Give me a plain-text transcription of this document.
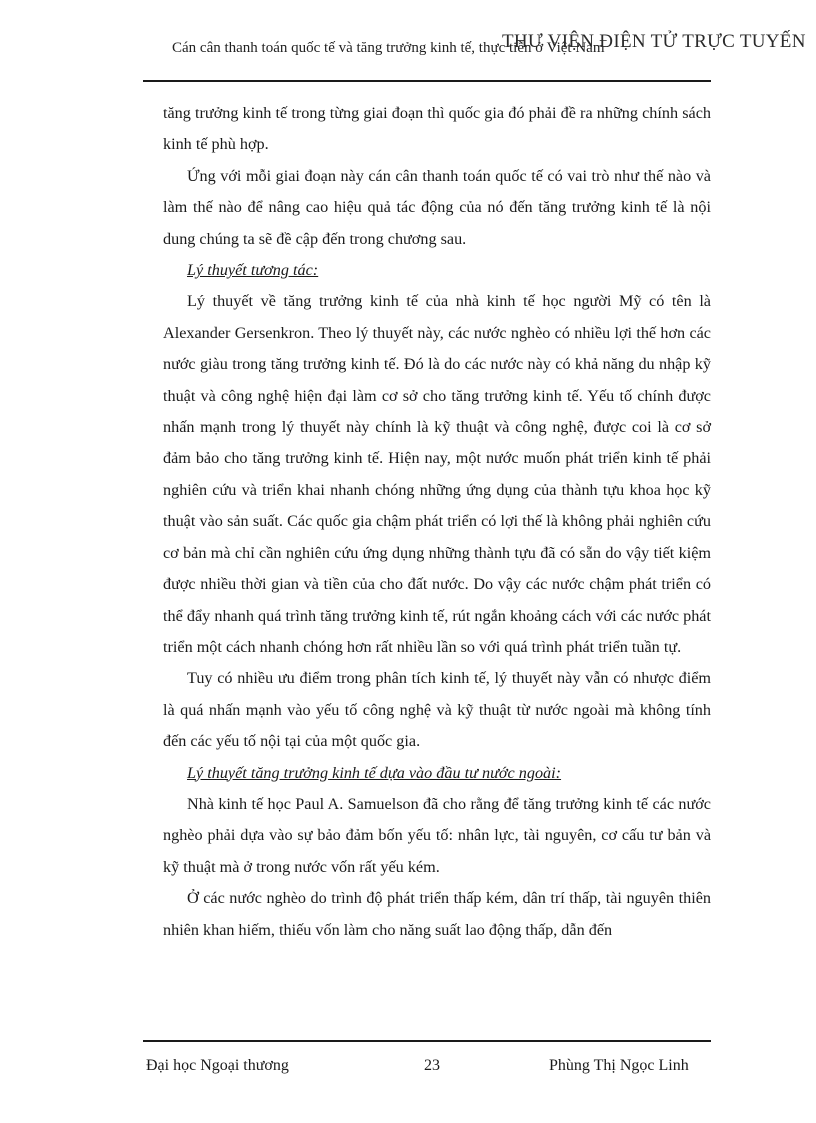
Cán cân thanh toán quốc tế và tăng trưởng kinh tế, thực tiễn ở Việt Nam
THƯ VIỆN ĐIỆN TỬ TRỰC TUYẾN

tăng trưởng kinh tế trong từng giai đoạn thì quốc gia đó phải đề ra những chính sách kinh tế phù hợp.

Ứng với mỗi giai đoạn này cán cân thanh toán quốc tế có vai trò như thế nào và làm thế nào để nâng cao hiệu quả tác động của nó đến tăng trưởng kinh tế là nội dung chúng ta sẽ đề cập đến trong chương sau.

Lý thuyết tương tác:

Lý thuyết về tăng trưởng kinh tế của nhà kinh tế học người Mỹ có tên là Alexander Gersenkron. Theo lý thuyết này, các nước nghèo có nhiều lợi thế hơn các nước giàu trong tăng trưởng kinh tế. Đó là do các nước này có khả năng du nhập kỹ thuật và công nghệ hiện đại làm cơ sở cho tăng trưởng kinh tế. Yếu tố chính được nhấn mạnh trong lý thuyết này chính là kỹ thuật và công nghệ, được coi là cơ sở đảm bảo cho tăng trưởng kinh tế. Hiện nay, một nước muốn phát triển kinh tế phải nghiên cứu và triển khai nhanh chóng những ứng dụng của thành tựu khoa học kỹ thuật vào sản suất. Các quốc gia chậm phát triển có lợi thế là không phải nghiên cứu cơ bản mà chỉ cần nghiên cứu ứng dụng những thành tựu đã có sẵn do vậy tiết kiệm được nhiều thời gian và tiền của cho đất nước. Do vậy các nước chậm phát triển có thể đẩy nhanh quá trình tăng trưởng kinh tế, rút ngắn khoảng cách với các nước phát triển một cách nhanh chóng hơn rất nhiều lần so với quá trình phát triển tuần tự.

Tuy có nhiều ưu điểm trong phân tích kinh tế, lý thuyết này vẫn có nhược điểm là quá nhấn mạnh vào yếu tố công nghệ và kỹ thuật từ nước ngoài mà không tính đến các yếu tố nội tại của một quốc gia.

Lý thuyết tăng trưởng kinh tế dựa vào đầu tư nước ngoài:

Nhà kinh tế học Paul A. Samuelson đã cho rằng để tăng trưởng kinh tế các nước nghèo phải dựa vào sự bảo đảm bốn yếu tố: nhân lực, tài nguyên, cơ cấu tư bản và kỹ thuật mà ở trong nước vốn rất yếu kém.

Ở các nước nghèo do trình độ phát triển thấp kém, dân trí thấp, tài nguyên thiên nhiên khan hiếm, thiếu vốn làm cho năng suất lao động thấp, dẫn đến

Đại học Ngoại thương	23	Phùng Thị Ngọc Linh
